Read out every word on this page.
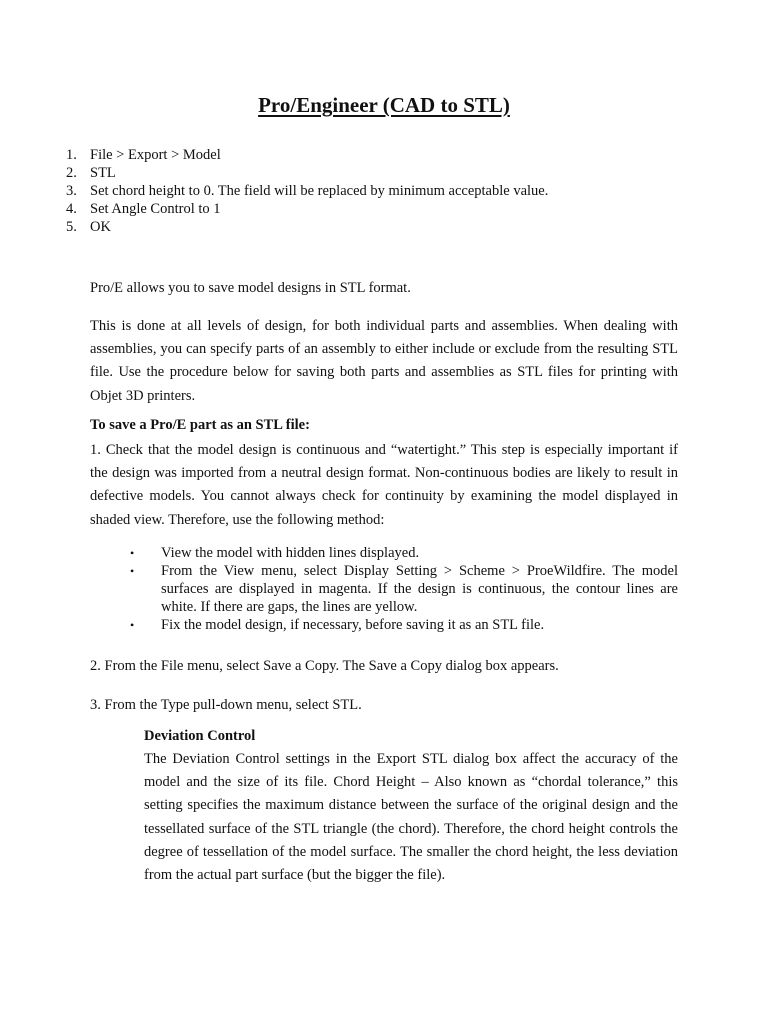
Pro/Engineer (CAD to STL)
1. File > Export > Model
2. STL
3. Set chord height to 0. The field will be replaced by minimum acceptable value.
4. Set Angle Control to 1
5. OK

Pro/E allows you to save model designs in STL format.

This is done at all levels of design, for both individual parts and assemblies. When dealing with assemblies, you can specify parts of an assembly to either include or exclude from the resulting STL file. Use the procedure below for saving both parts and assemblies as STL files for printing with Objet 3D printers.

To save a Pro/E part as an STL file:

1. Check that the model design is continuous and “watertight.” This step is especially important if the design was imported from a neutral design format. Non-continuous bodies are likely to result in defective models. You cannot always check for continuity by examining the model displayed in shaded view. Therefore, use the following method:

•	View the model with hidden lines displayed.
•	From the View menu, select Display Setting > Scheme > ProeWildfire. The model surfaces are displayed in magenta. If the design is continuous, the contour lines are white. If there are gaps, the lines are yellow.
•	Fix the model design, if necessary, before saving it as an STL file.

2. From the File menu, select Save a Copy. The Save a Copy dialog box appears.

3. From the Type pull-down menu, select STL.

Deviation Control

The Deviation Control settings in the Export STL dialog box affect the accuracy of the model and the size of its file. Chord Height – Also known as “chordal tolerance,” this setting specifies the maximum distance between the surface of the original design and the tessellated surface of the STL triangle (the chord). Therefore, the chord height controls the degree of tessellation of the model surface. The smaller the chord height, the less deviation from the actual part surface (but the bigger the file).
